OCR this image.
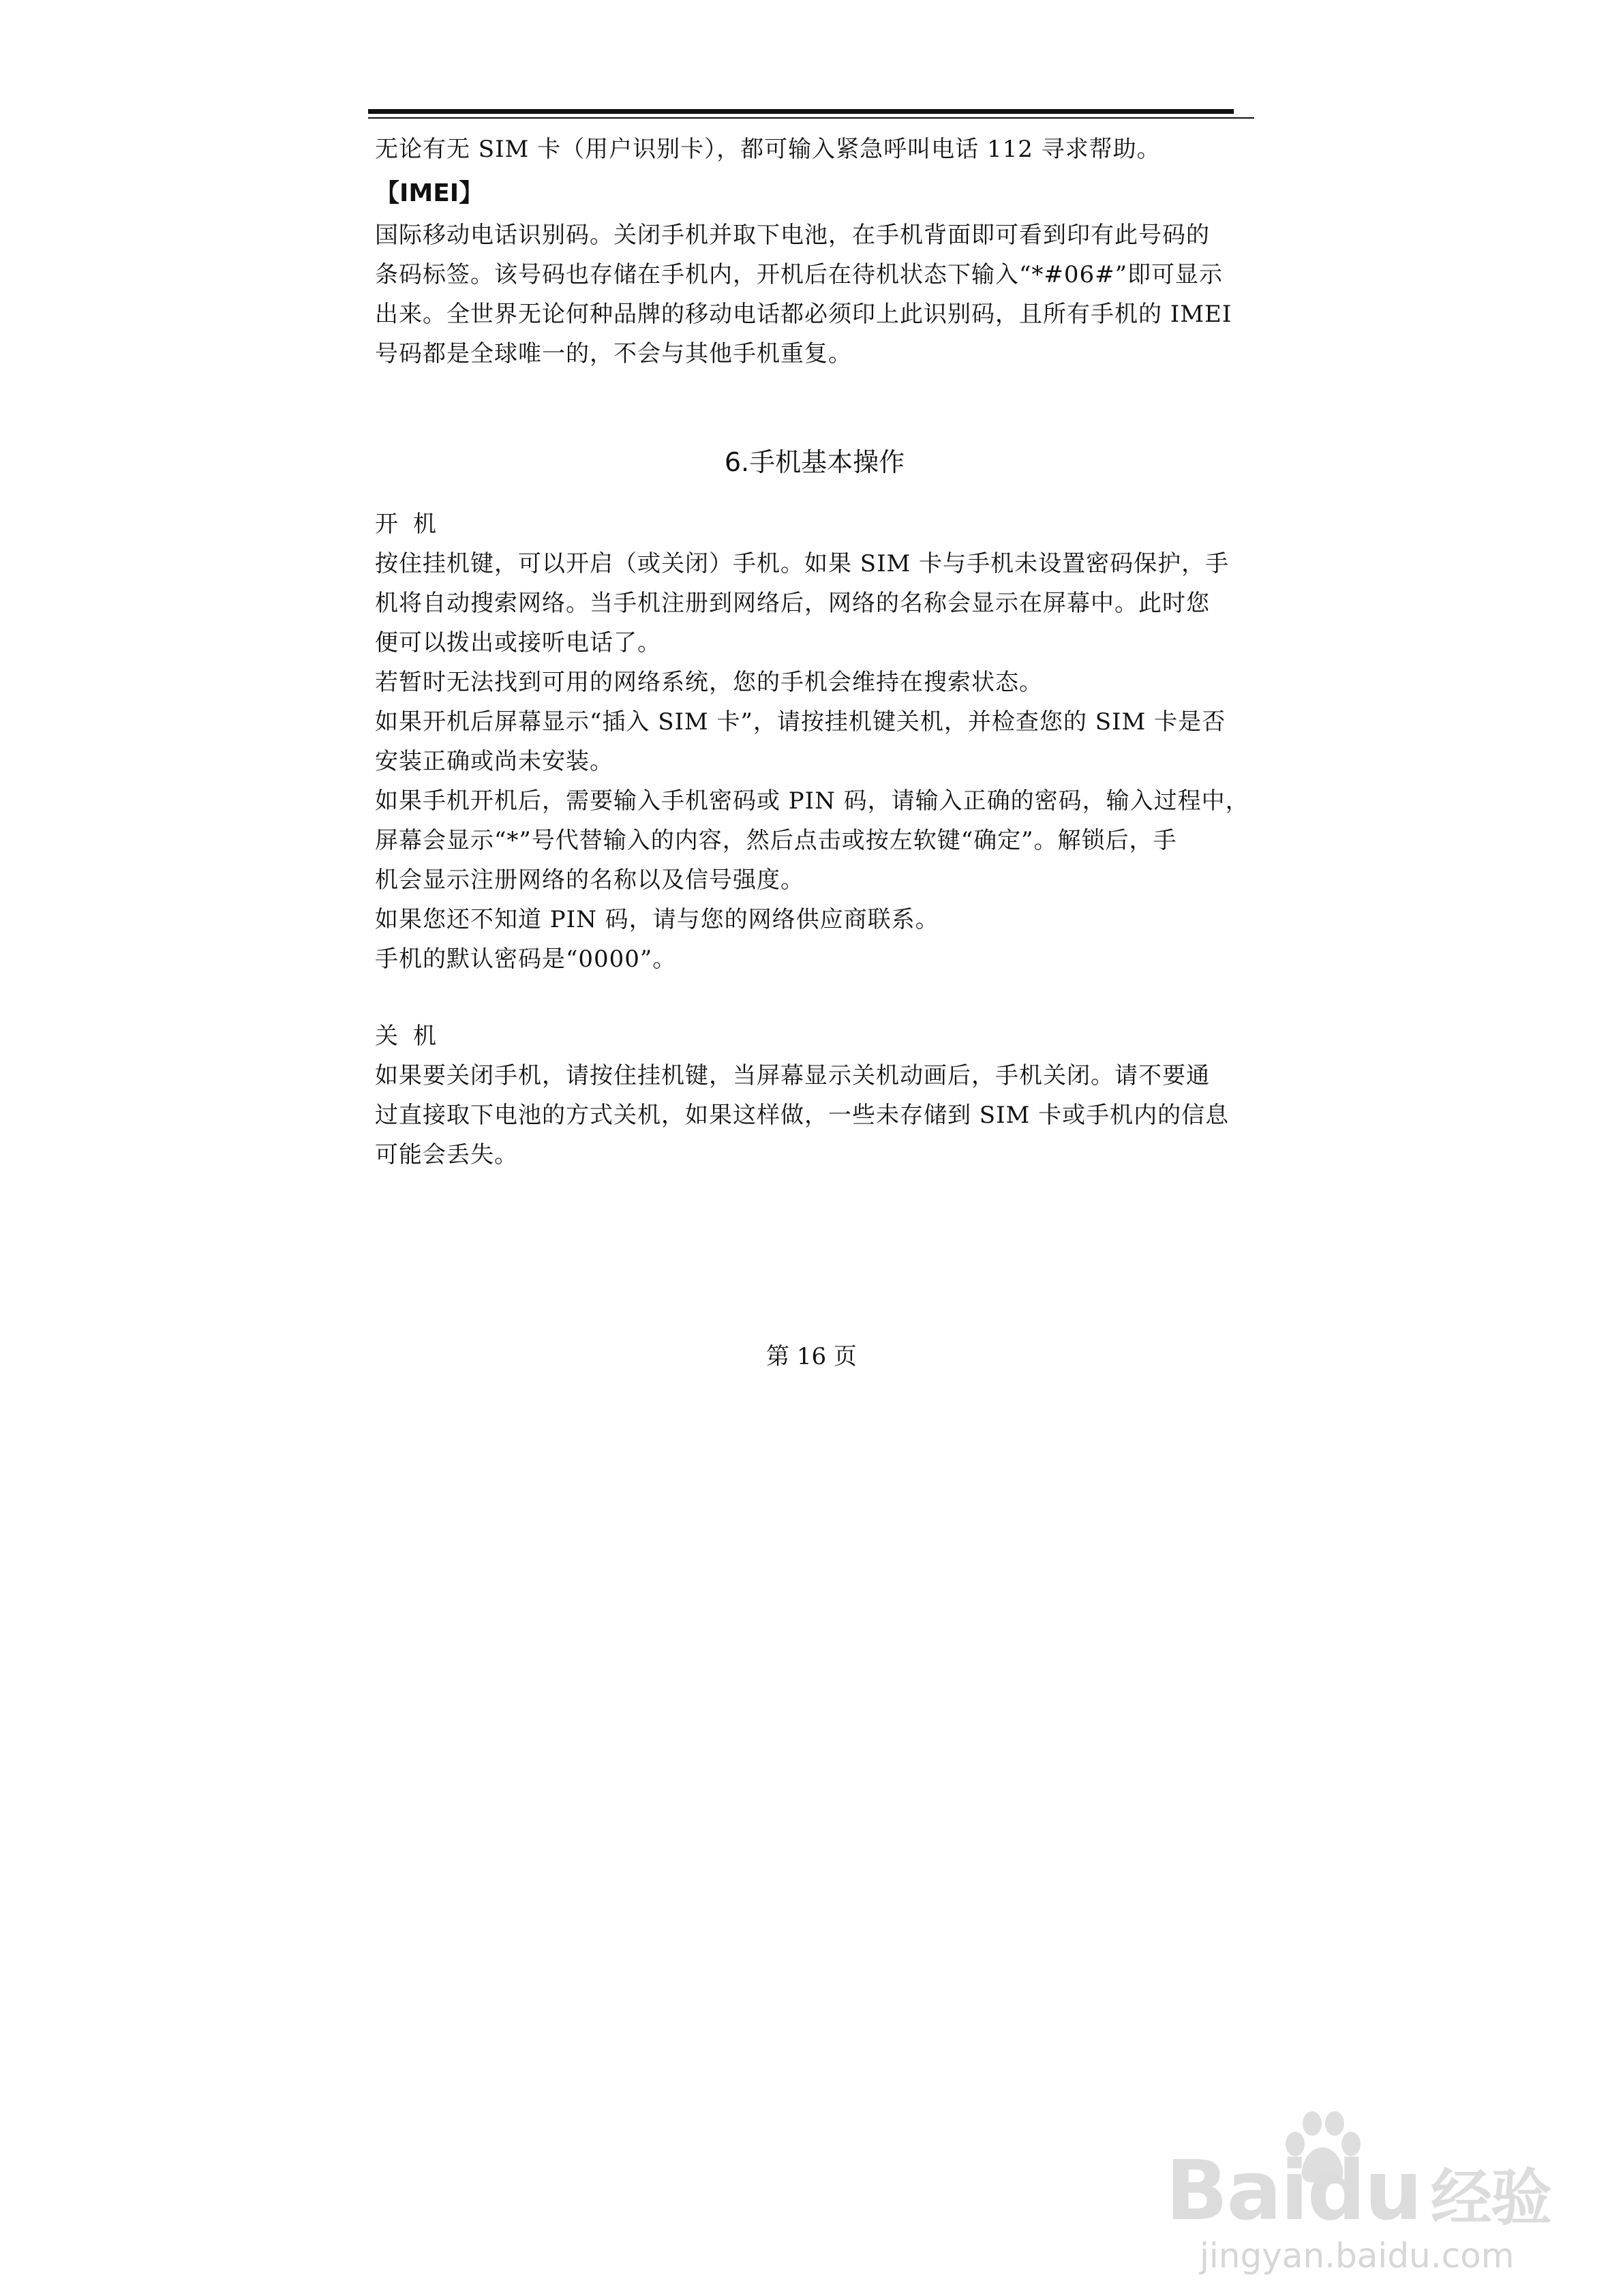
无论有无 SIM 卡（用户识别卡），都可输入紧急呼叫电话 112 寻求帮助。

【IMEI】

国际移动电话识别码。关闭手机并取下电池，在手机背面即可看到印有此号码的

条码标签。该号码也存储在手机内，开机后在待机状态下输入“*#06#”即可显示

出来。全世界无论何种品牌的移动电话都必须印上此识别码，且所有手机的 IMEI

号码都是全球唯一的，不会与其他手机重复。

6.手机基本操作
开机

按住挂机键，可以开启（或关闭）手机。如果 SIM 卡与手机未设置密码保护，手

机将自动搜索网络。当手机注册到网络后，网络的名称会显示在屏幕中。此时您

便可以拨出或接听电话了。

若暂时无法找到可用的网络系统，您的手机会维持在搜索状态。

如果开机后屏幕显示“插入 SIM 卡”，请按挂机键关机，并检查您的 SIM 卡是否

安装正确或尚未安装。

如果手机开机后，需要输入手机密码或 PIN 码，请输入正确的密码，输入过程中，

屏幕会显示“*”号代替输入的内容，然后点击或按左软键“确定”。解锁后，手

机会显示注册网络的名称以及信号强度。

如果您还不知道 PIN 码，请与您的网络供应商联系。

手机的默认密码是“0000”。

关机

如果要关闭手机，请按住挂机键，当屏幕显示关机动画后，手机关闭。请不要通

过直接取下电池的方式关机，如果这样做，一些未存储到 SIM 卡或手机内的信息

可能会丢失。

第 16 页
Baidu 经验
jingyan.baidu.com
